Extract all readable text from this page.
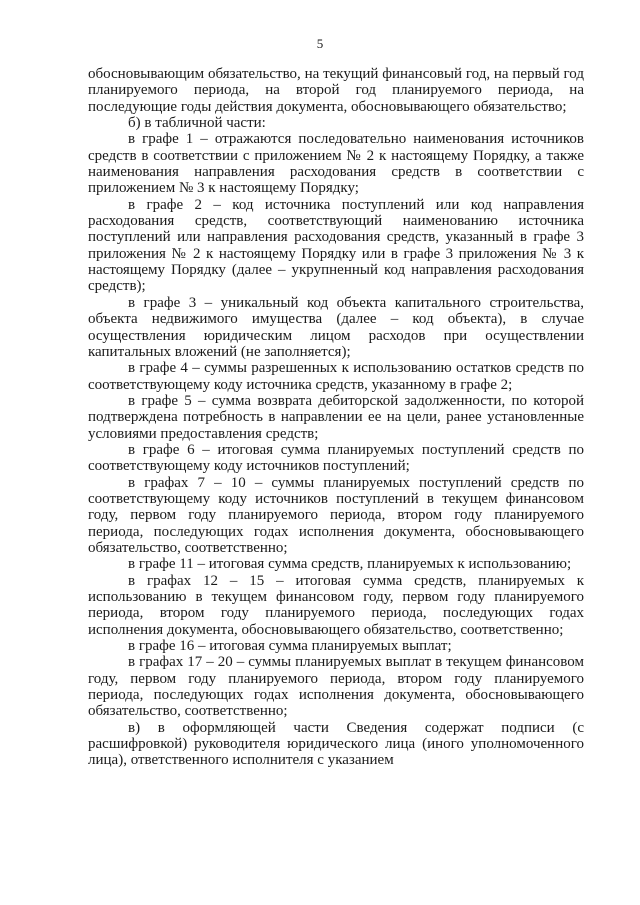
5

обосновывающим обязательство, на текущий финансовый год, на первый год планируемого периода, на второй год планируемого периода, на последующие годы действия документа, обосновывающего обязательство;

б) в табличной части:

в графе 1 – отражаются последовательно наименования источников средств в соответствии с приложением № 2 к настоящему Порядку, а также наименования направления расходования средств в соответствии с приложением № 3 к настоящему Порядку;

в графе 2 – код источника поступлений или код направления расходования средств, соответствующий наименованию источника поступлений или направления расходования средств, указанный в графе 3 приложения № 2 к настоящему Порядку или в графе 3 приложения № 3 к настоящему Порядку (далее – укрупненный код направления расходования средств);

в графе 3 – уникальный код объекта капитального строительства, объекта недвижимого имущества (далее – код объекта), в случае осуществления юридическим лицом расходов при осуществлении капитальных вложений (не заполняется);

в графе 4 – суммы разрешенных к использованию остатков средств по соответствующему коду источника средств, указанному в графе 2;

в графе 5 – сумма возврата дебиторской задолженности, по которой подтверждена потребность в направлении ее на цели, ранее установленные условиями предоставления средств;

в графе 6 – итоговая сумма планируемых поступлений средств по соответствующему коду источников поступлений;

в графах 7 – 10 – суммы планируемых поступлений средств по соответствующему коду источников поступлений в текущем финансовом году, первом году планируемого периода, втором году планируемого периода, последующих годах исполнения документа, обосновывающего обязательство, соответственно;

в графе 11 – итоговая сумма средств, планируемых к использованию;

в графах 12 – 15 – итоговая сумма средств, планируемых к использованию в текущем финансовом году, первом году планируемого периода, втором году планируемого периода, последующих годах исполнения документа, обосновывающего обязательство, соответственно;

в графе 16 – итоговая сумма планируемых выплат;

в графах 17 – 20 – суммы планируемых выплат в текущем финансовом году, первом году планируемого периода, втором году планируемого периода, последующих годах исполнения документа, обосновывающего обязательство, соответственно;

в) в оформляющей части Сведения содержат подписи (с расшифровкой) руководителя юридического лица (иного уполномоченного лица), ответственного исполнителя с указанием
